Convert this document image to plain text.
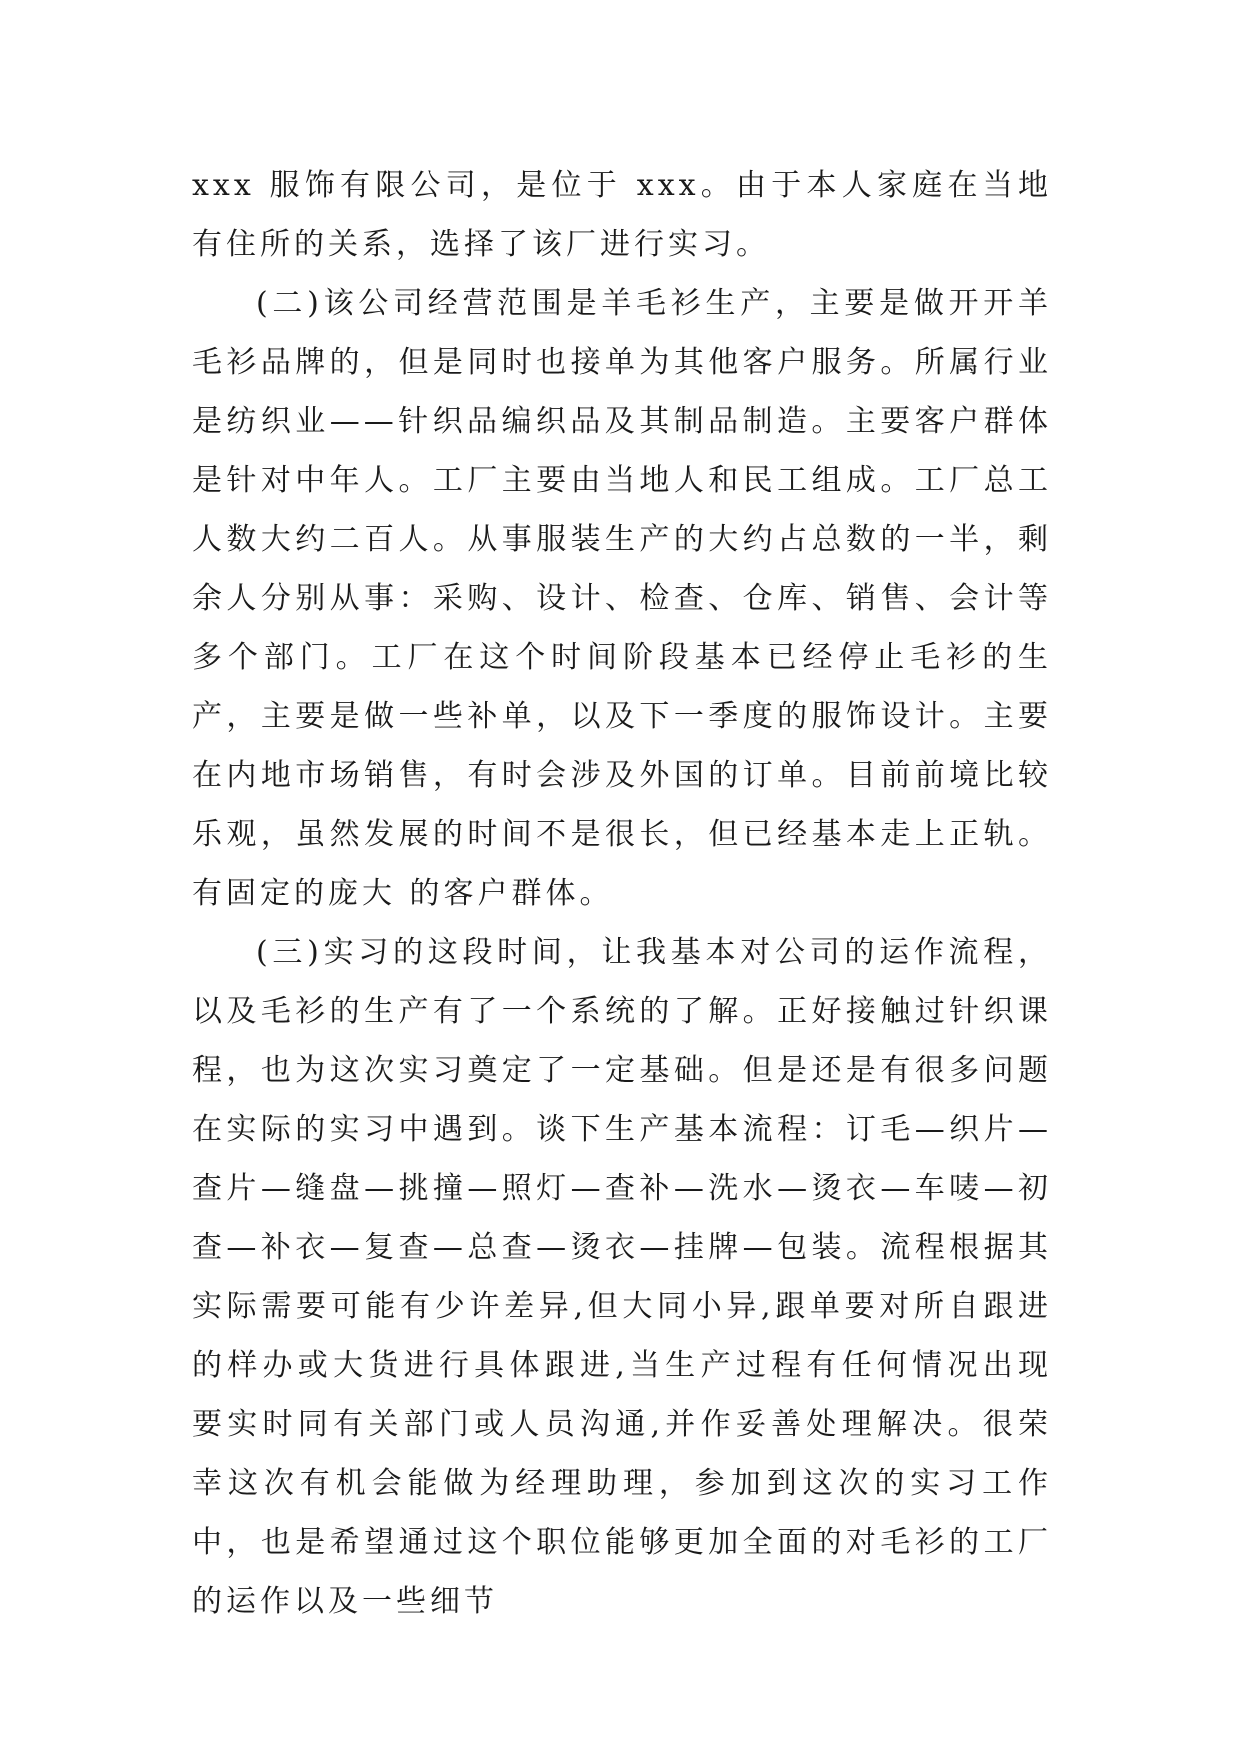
xxx 服饰有限公司，是位于 xxx。由于本人家庭在当地有住所的关系，选择了该厂进行实习。

(二)该公司经营范围是羊毛衫生产，主要是做开开羊毛衫品牌的，但是同时也接单为其他客户服务。所属行业是纺织业——针织品编织品及其制品制造。主要客户群体是针对中年人。工厂主要由当地人和民工组成。工厂总工人数大约二百人。从事服装生产的大约占总数的一半，剩余人分别从事：采购、设计、检查、仓库、销售、会计等多个部门。工厂在这个时间阶段基本已经停止毛衫的生产，主要是做一些补单，以及下一季度的服饰设计。主要在内地市场销售，有时会涉及外国的订单。目前前境比较乐观，虽然发展的时间不是很长，但已经基本走上正轨。有固定的庞大 的客户群体。

(三)实习的这段时间，让我基本对公司的运作流程，以及毛衫的生产有了一个系统的了解。正好接触过针织课程，也为这次实习奠定了一定基础。但是还是有很多问题在实际的实习中遇到。谈下生产基本流程：订毛—织片—查片—缝盘—挑撞—照灯—查补—洗水—烫衣—车唛—初查—补衣—复查—总查—烫衣—挂牌—包装。流程根据其实际需要可能有少许差异,但大同小异,跟单要对所自跟进的样办或大货进行具体跟进,当生产过程有任何情况出现要实时同有关部门或人员沟通,并作妥善处理解决。很荣幸这次有机会能做为经理助理，参加到这次的实习工作中，也是希望通过这个职位能够更加全面的对毛衫的工厂的运作以及一些细节
